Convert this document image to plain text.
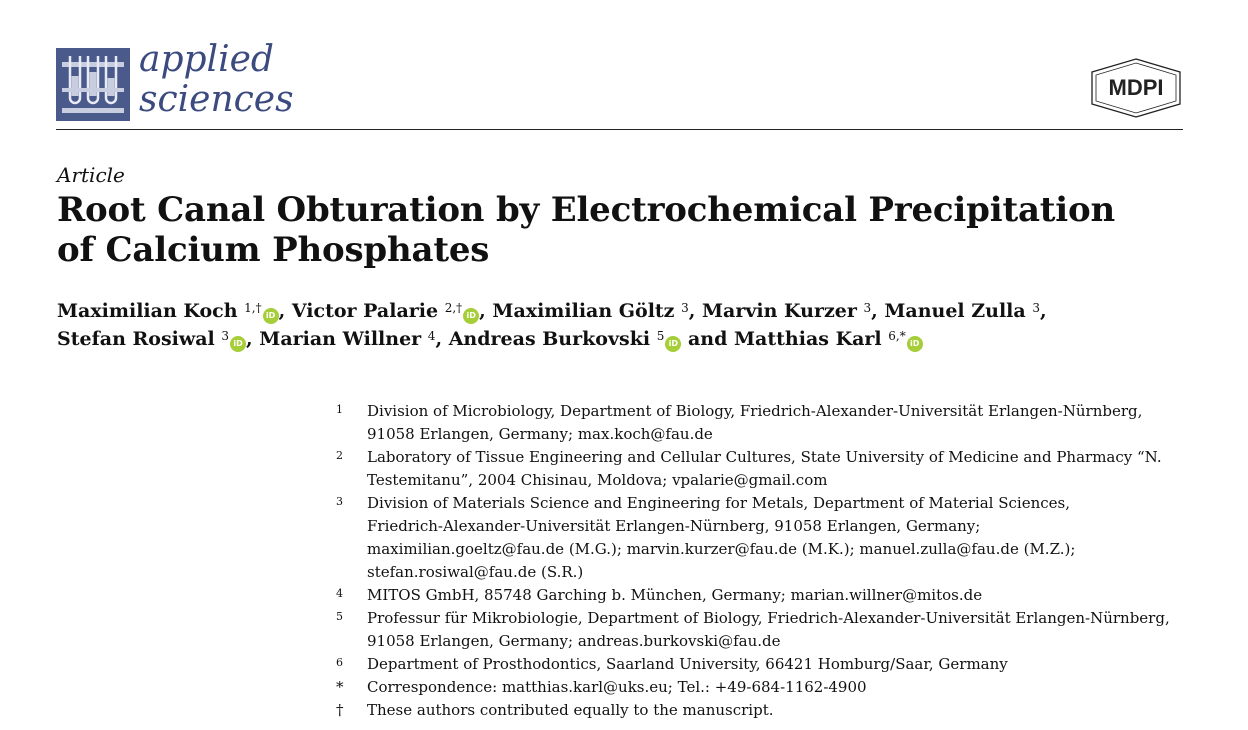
applied
sciences	MDPI
Article
Root Canal Obturation by Electrochemical Precipitation
of Calcium Phosphates
Maximilian Koch $^{1,\dagger}$iD , Victor Palarie $^{2,\dagger}$iD , Maximilian Göltz $^3$, Marvin Kurzer $^3$, Manuel Zulla $^3$,
Stefan Rosiwal $^3$iD , Marian Willner $^4$, Andreas Burkovski $^5$iD and Matthias Karl $^{6,*}$iD
1	Division of Microbiology, Department of Biology, Friedrich-Alexander-Universität Erlangen-Nürnberg,
91058 Erlangen, Germany; max.koch@fau.de
2	Laboratory of Tissue Engineering and Cellular Cultures, State University of Medicine and Pharmacy “N.
Testemitanu”, 2004 Chisinau, Moldova; vpalarie@gmail.com
3	Division of Materials Science and Engineering for Metals, Department of Material Sciences,
Friedrich-Alexander-Universität Erlangen-Nürnberg, 91058 Erlangen, Germany;
maximilian.goeltz@fau.de (M.G.); marvin.kurzer@fau.de (M.K.); manuel.zulla@fau.de (M.Z.);
stefan.rosiwal@fau.de (S.R.)
4	MITOS GmbH, 85748 Garching b. München, Germany; marian.willner@mitos.de
5	Professur für Mikrobiologie, Department of Biology, Friedrich-Alexander-Universität Erlangen-Nürnberg,
91058 Erlangen, Germany; andreas.burkovski@fau.de
6	Department of Prosthodontics, Saarland University, 66421 Homburg/Saar, Germany
*	Correspondence: matthias.karl@uks.eu; Tel.: +49-684-1162-4900
†	These authors contributed equally to the manuscript.
